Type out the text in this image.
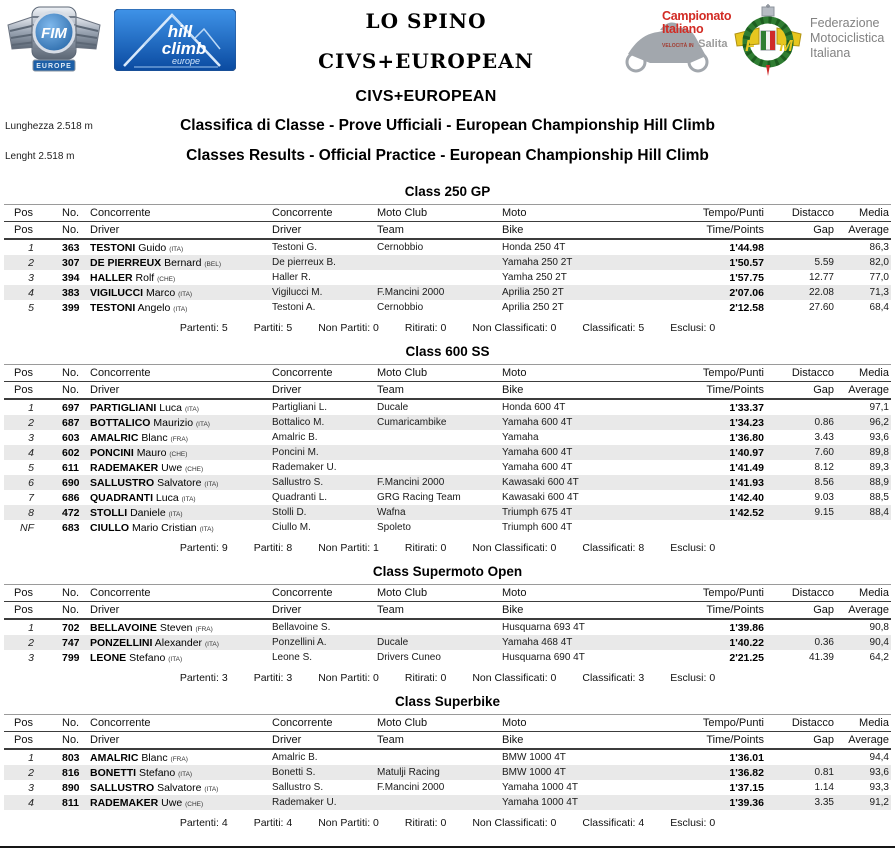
FIM
EUROPE
hill
climb
europe
LO SPINO
CIVS+EUROPEAN
CIVS+EUROPEAN
Campionato
Italiano
VELOCITÀ IN Salita	F M
Federazione
Motociclistica
Italiana
Lunghezza 2.518 m
Lenght 2.518 m
Classifica di Classe - Prove Ufficiali - European Championship Hill Climb
Classes Results - Official Practice - European Championship Hill Climb
Class 250 GP
Pos	No.	Concorrente	Concorrente	Moto Club	Moto	Tempo/Punti	Distacco	Media
Pos	No.	Driver	Driver	Team	Bike	Time/Points	Gap	Average
1	363	TESTONI Guido (ITA)	Testoni G.	Cernobbio	Honda 250 4T	1'44.98		86,3
2	307	DE PIERREUX Bernard (BEL)	De pierreux B.		Yamaha 250 2T	1'50.57	5.59	82,0
3	394	HALLER Rolf (CHE)	Haller R.		Yamha 250 2T	1'57.75	12.77	77,0
4	383	VIGILUCCI Marco (ITA)	Vigilucci M.	F.Mancini 2000	Aprilia 250 2T	2'07.06	22.08	71,3
5	399	TESTONI Angelo (ITA)	Testoni A.	Cernobbio	Aprilia 250 2T	2'12.58	27.60	68,4
Partenti: 5 Partiti: 5 Non Partiti: 0 Ritirati: 0 Non Classificati: 0 Classificati: 5 Esclusi: 0
Class 600 SS
Pos	No.	Concorrente	Concorrente	Moto Club	Moto	Tempo/Punti	Distacco	Media
Pos	No.	Driver	Driver	Team	Bike	Time/Points	Gap	Average
1	697	PARTIGLIANI Luca (ITA)	Partigliani L.	Ducale	Honda 600 4T	1'33.37		97,1
2	687	BOTTALICO Maurizio (ITA)	Bottalico M.	Cumaricambike	Yamaha 600 4T	1'34.23	0.86	96,2
3	603	AMALRIC Blanc (FRA)	Amalric B.		Yamaha	1'36.80	3.43	93,6
4	602	PONCINI Mauro (CHE)	Poncini M.		Yamaha 600 4T	1'40.97	7.60	89,8
5	611	RADEMAKER Uwe (CHE)	Rademaker U.		Yamaha 600 4T	1'41.49	8.12	89,3
6	690	SALLUSTRO Salvatore (ITA)	Sallustro S.	F.Mancini 2000	Kawasaki 600 4T	1'41.93	8.56	88,9
7	686	QUADRANTI Luca (ITA)	Quadranti L.	GRG Racing Team	Kawasaki 600 4T	1'42.40	9.03	88,5
8	472	STOLLI Daniele (ITA)	Stolli D.	Wafna	Triumph 675 4T	1'42.52	9.15	88,4
NF	683	CIULLO Mario Cristian (ITA)	Ciullo M.	Spoleto	Triumph 600 4T			
Partenti: 9 Partiti: 8 Non Partiti: 1 Ritirati: 0 Non Classificati: 0 Classificati: 8 Esclusi: 0
Class Supermoto Open
Pos	No.	Concorrente	Concorrente	Moto Club	Moto	Tempo/Punti	Distacco	Media
Pos	No.	Driver	Driver	Team	Bike	Time/Points	Gap	Average
1	702	BELLAVOINE Steven (FRA)	Bellavoine S.		Husquarna 693 4T	1'39.86		90,8
2	747	PONZELLINI Alexander (ITA)	Ponzellini A.	Ducale	Yamaha 468 4T	1'40.22	0.36	90,4
3	799	LEONE Stefano (ITA)	Leone S.	Drivers Cuneo	Husquarna 690 4T	2'21.25	41.39	64,2
Partenti: 3 Partiti: 3 Non Partiti: 0 Ritirati: 0 Non Classificati: 0 Classificati: 3 Esclusi: 0
Class Superbike
Pos	No.	Concorrente	Concorrente	Moto Club	Moto	Tempo/Punti	Distacco	Media
Pos	No.	Driver	Driver	Team	Bike	Time/Points	Gap	Average
1	803	AMALRIC Blanc (FRA)	Amalric B.		BMW 1000 4T	1'36.01		94,4
2	816	BONETTI Stefano (ITA)	Bonetti S.	Matulji Racing	BMW 1000 4T	1'36.82	0.81	93,6
3	890	SALLUSTRO Salvatore (ITA)	Sallustro S.	F.Mancini 2000	Yamaha 1000 4T	1'37.15	1.14	93,3
4	811	RADEMAKER Uwe (CHE)	Rademaker U.		Yamaha 1000 4T	1'39.36	3.35	91,2
Partenti: 4 Partiti: 4 Non Partiti: 0 Ritirati: 0 Non Classificati: 0 Classificati: 4 Esclusi: 0
